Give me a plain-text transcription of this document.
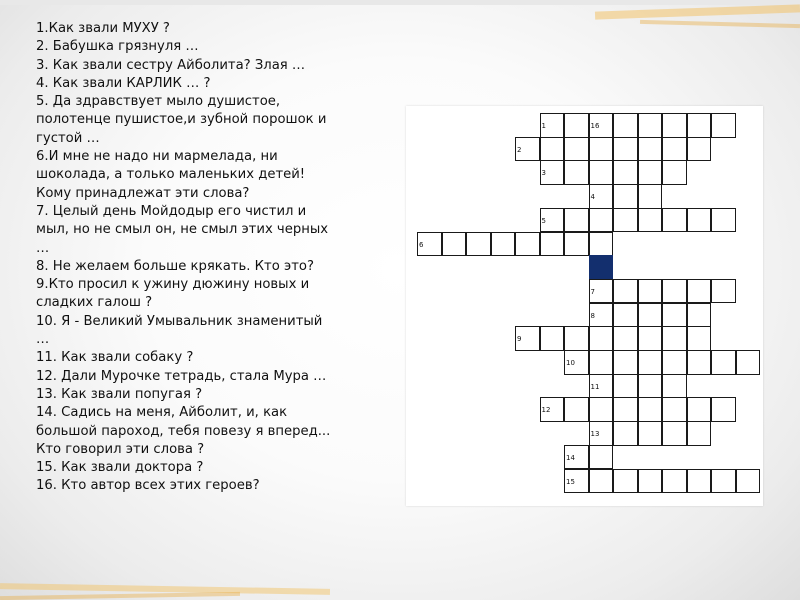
1.Как звали МУХУ ?
2. Бабушка грязнуля …
3. Как звали сестру Айболита? Злая …
4. Как звали КАРЛИК … ?
5. Да здравствует мыло душистое,
полотенце пушистое,и зубной порошок и
густой …
6.И мне не надо ни мармелада, ни
шоколада, а только маленьких детей!
Кому принадлежат эти слова?
7. Целый день Мойдодыр его чистил и
мыл, но не смыл он, не смыл этих черных
…
8. Не желаем больше крякать. Кто это?
9.Кто просил к ужину дюжину новых и
сладких галош ?
10. Я - Великий Умывальник знаменитый
…
11. Как звали собаку ?
12. Дали Мурочке тетрадь, стала Мура …
13. Как звали попугая ?
14. Садись на меня, Айболит, и, как
большой пароход, тебя повезу я вперед...
Кто говорил эти слова ?
15. Как звали доктора ?
16. Кто автор всех этих героев?
1	16
2
3
4
5
6
7
8
9
10
11
12
13
14
15
